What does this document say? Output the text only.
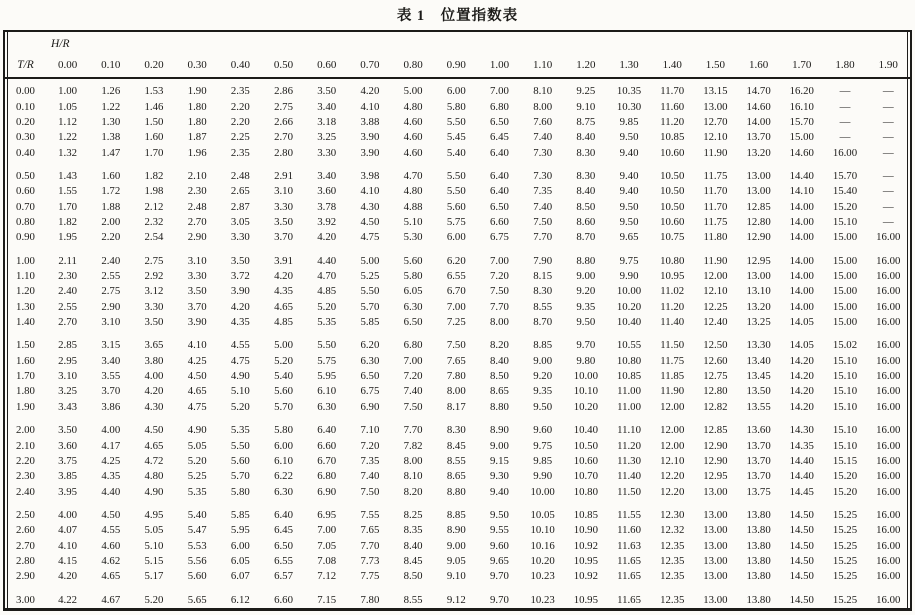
表 1　位置指数表
	H/R																			
T/R	0.00	0.10	0.20	0.30	0.40	0.50	0.60	0.70	0.80	0.90	1.00	1.10	1.20	1.30	1.40	1.50	1.60	1.70	1.80	1.90
0.00	1.00	1.26	1.53	1.90	2.35	2.86	3.50	4.20	5.00	6.00	7.00	8.10	9.25	10.35	11.70	13.15	14.70	16.20	—	—
0.10	1.05	1.22	1.46	1.80	2.20	2.75	3.40	4.10	4.80	5.80	6.80	8.00	9.10	10.30	11.60	13.00	14.60	16.10	—	—
0.20	1.12	1.30	1.50	1.80	2.20	2.66	3.18	3.88	4.60	5.50	6.50	7.60	8.75	9.85	11.20	12.70	14.00	15.70	—	—
0.30	1.22	1.38	1.60	1.87	2.25	2.70	3.25	3.90	4.60	5.45	6.45	7.40	8.40	9.50	10.85	12.10	13.70	15.00	—	—
0.40	1.32	1.47	1.70	1.96	2.35	2.80	3.30	3.90	4.60	5.40	6.40	7.30	8.30	9.40	10.60	11.90	13.20	14.60	16.00	—
0.50	1.43	1.60	1.82	2.10	2.48	2.91	3.40	3.98	4.70	5.50	6.40	7.30	8.30	9.40	10.50	11.75	13.00	14.40	15.70	—
0.60	1.55	1.72	1.98	2.30	2.65	3.10	3.60	4.10	4.80	5.50	6.40	7.35	8.40	9.40	10.50	11.70	13.00	14.10	15.40	—
0.70	1.70	1.88	2.12	2.48	2.87	3.30	3.78	4.30	4.88	5.60	6.50	7.40	8.50	9.50	10.50	11.70	12.85	14.00	15.20	—
0.80	1.82	2.00	2.32	2.70	3.05	3.50	3.92	4.50	5.10	5.75	6.60	7.50	8.60	9.50	10.60	11.75	12.80	14.00	15.10	—
0.90	1.95	2.20	2.54	2.90	3.30	3.70	4.20	4.75	5.30	6.00	6.75	7.70	8.70	9.65	10.75	11.80	12.90	14.00	15.00	16.00
1.00	2.11	2.40	2.75	3.10	3.50	3.91	4.40	5.00	5.60	6.20	7.00	7.90	8.80	9.75	10.80	11.90	12.95	14.00	15.00	16.00
1.10	2.30	2.55	2.92	3.30	3.72	4.20	4.70	5.25	5.80	6.55	7.20	8.15	9.00	9.90	10.95	12.00	13.00	14.00	15.00	16.00
1.20	2.40	2.75	3.12	3.50	3.90	4.35	4.85	5.50	6.05	6.70	7.50	8.30	9.20	10.00	11.02	12.10	13.10	14.00	15.00	16.00
1.30	2.55	2.90	3.30	3.70	4.20	4.65	5.20	5.70	6.30	7.00	7.70	8.55	9.35	10.20	11.20	12.25	13.20	14.00	15.00	16.00
1.40	2.70	3.10	3.50	3.90	4.35	4.85	5.35	5.85	6.50	7.25	8.00	8.70	9.50	10.40	11.40	12.40	13.25	14.05	15.00	16.00
1.50	2.85	3.15	3.65	4.10	4.55	5.00	5.50	6.20	6.80	7.50	8.20	8.85	9.70	10.55	11.50	12.50	13.30	14.05	15.02	16.00
1.60	2.95	3.40	3.80	4.25	4.75	5.20	5.75	6.30	7.00	7.65	8.40	9.00	9.80	10.80	11.75	12.60	13.40	14.20	15.10	16.00
1.70	3.10	3.55	4.00	4.50	4.90	5.40	5.95	6.50	7.20	7.80	8.50	9.20	10.00	10.85	11.85	12.75	13.45	14.20	15.10	16.00
1.80	3.25	3.70	4.20	4.65	5.10	5.60	6.10	6.75	7.40	8.00	8.65	9.35	10.10	11.00	11.90	12.80	13.50	14.20	15.10	16.00
1.90	3.43	3.86	4.30	4.75	5.20	5.70	6.30	6.90	7.50	8.17	8.80	9.50	10.20	11.00	12.00	12.82	13.55	14.20	15.10	16.00
2.00	3.50	4.00	4.50	4.90	5.35	5.80	6.40	7.10	7.70	8.30	8.90	9.60	10.40	11.10	12.00	12.85	13.60	14.30	15.10	16.00
2.10	3.60	4.17	4.65	5.05	5.50	6.00	6.60	7.20	7.82	8.45	9.00	9.75	10.50	11.20	12.00	12.90	13.70	14.35	15.10	16.00
2.20	3.75	4.25	4.72	5.20	5.60	6.10	6.70	7.35	8.00	8.55	9.15	9.85	10.60	11.30	12.10	12.90	13.70	14.40	15.15	16.00
2.30	3.85	4.35	4.80	5.25	5.70	6.22	6.80	7.40	8.10	8.65	9.30	9.90	10.70	11.40	12.20	12.95	13.70	14.40	15.20	16.00
2.40	3.95	4.40	4.90	5.35	5.80	6.30	6.90	7.50	8.20	8.80	9.40	10.00	10.80	11.50	12.20	13.00	13.75	14.45	15.20	16.00
2.50	4.00	4.50	4.95	5.40	5.85	6.40	6.95	7.55	8.25	8.85	9.50	10.05	10.85	11.55	12.30	13.00	13.80	14.50	15.25	16.00
2.60	4.07	4.55	5.05	5.47	5.95	6.45	7.00	7.65	8.35	8.90	9.55	10.10	10.90	11.60	12.32	13.00	13.80	14.50	15.25	16.00
2.70	4.10	4.60	5.10	5.53	6.00	6.50	7.05	7.70	8.40	9.00	9.60	10.16	10.92	11.63	12.35	13.00	13.80	14.50	15.25	16.00
2.80	4.15	4.62	5.15	5.56	6.05	6.55	7.08	7.73	8.45	9.05	9.65	10.20	10.95	11.65	12.35	13.00	13.80	14.50	15.25	16.00
2.90	4.20	4.65	5.17	5.60	6.07	6.57	7.12	7.75	8.50	9.10	9.70	10.23	10.92	11.65	12.35	13.00	13.80	14.50	15.25	16.00
3.00	4.22	4.67	5.20	5.65	6.12	6.60	7.15	7.80	8.55	9.12	9.70	10.23	10.95	11.65	12.35	13.00	13.80	14.50	15.25	16.00
